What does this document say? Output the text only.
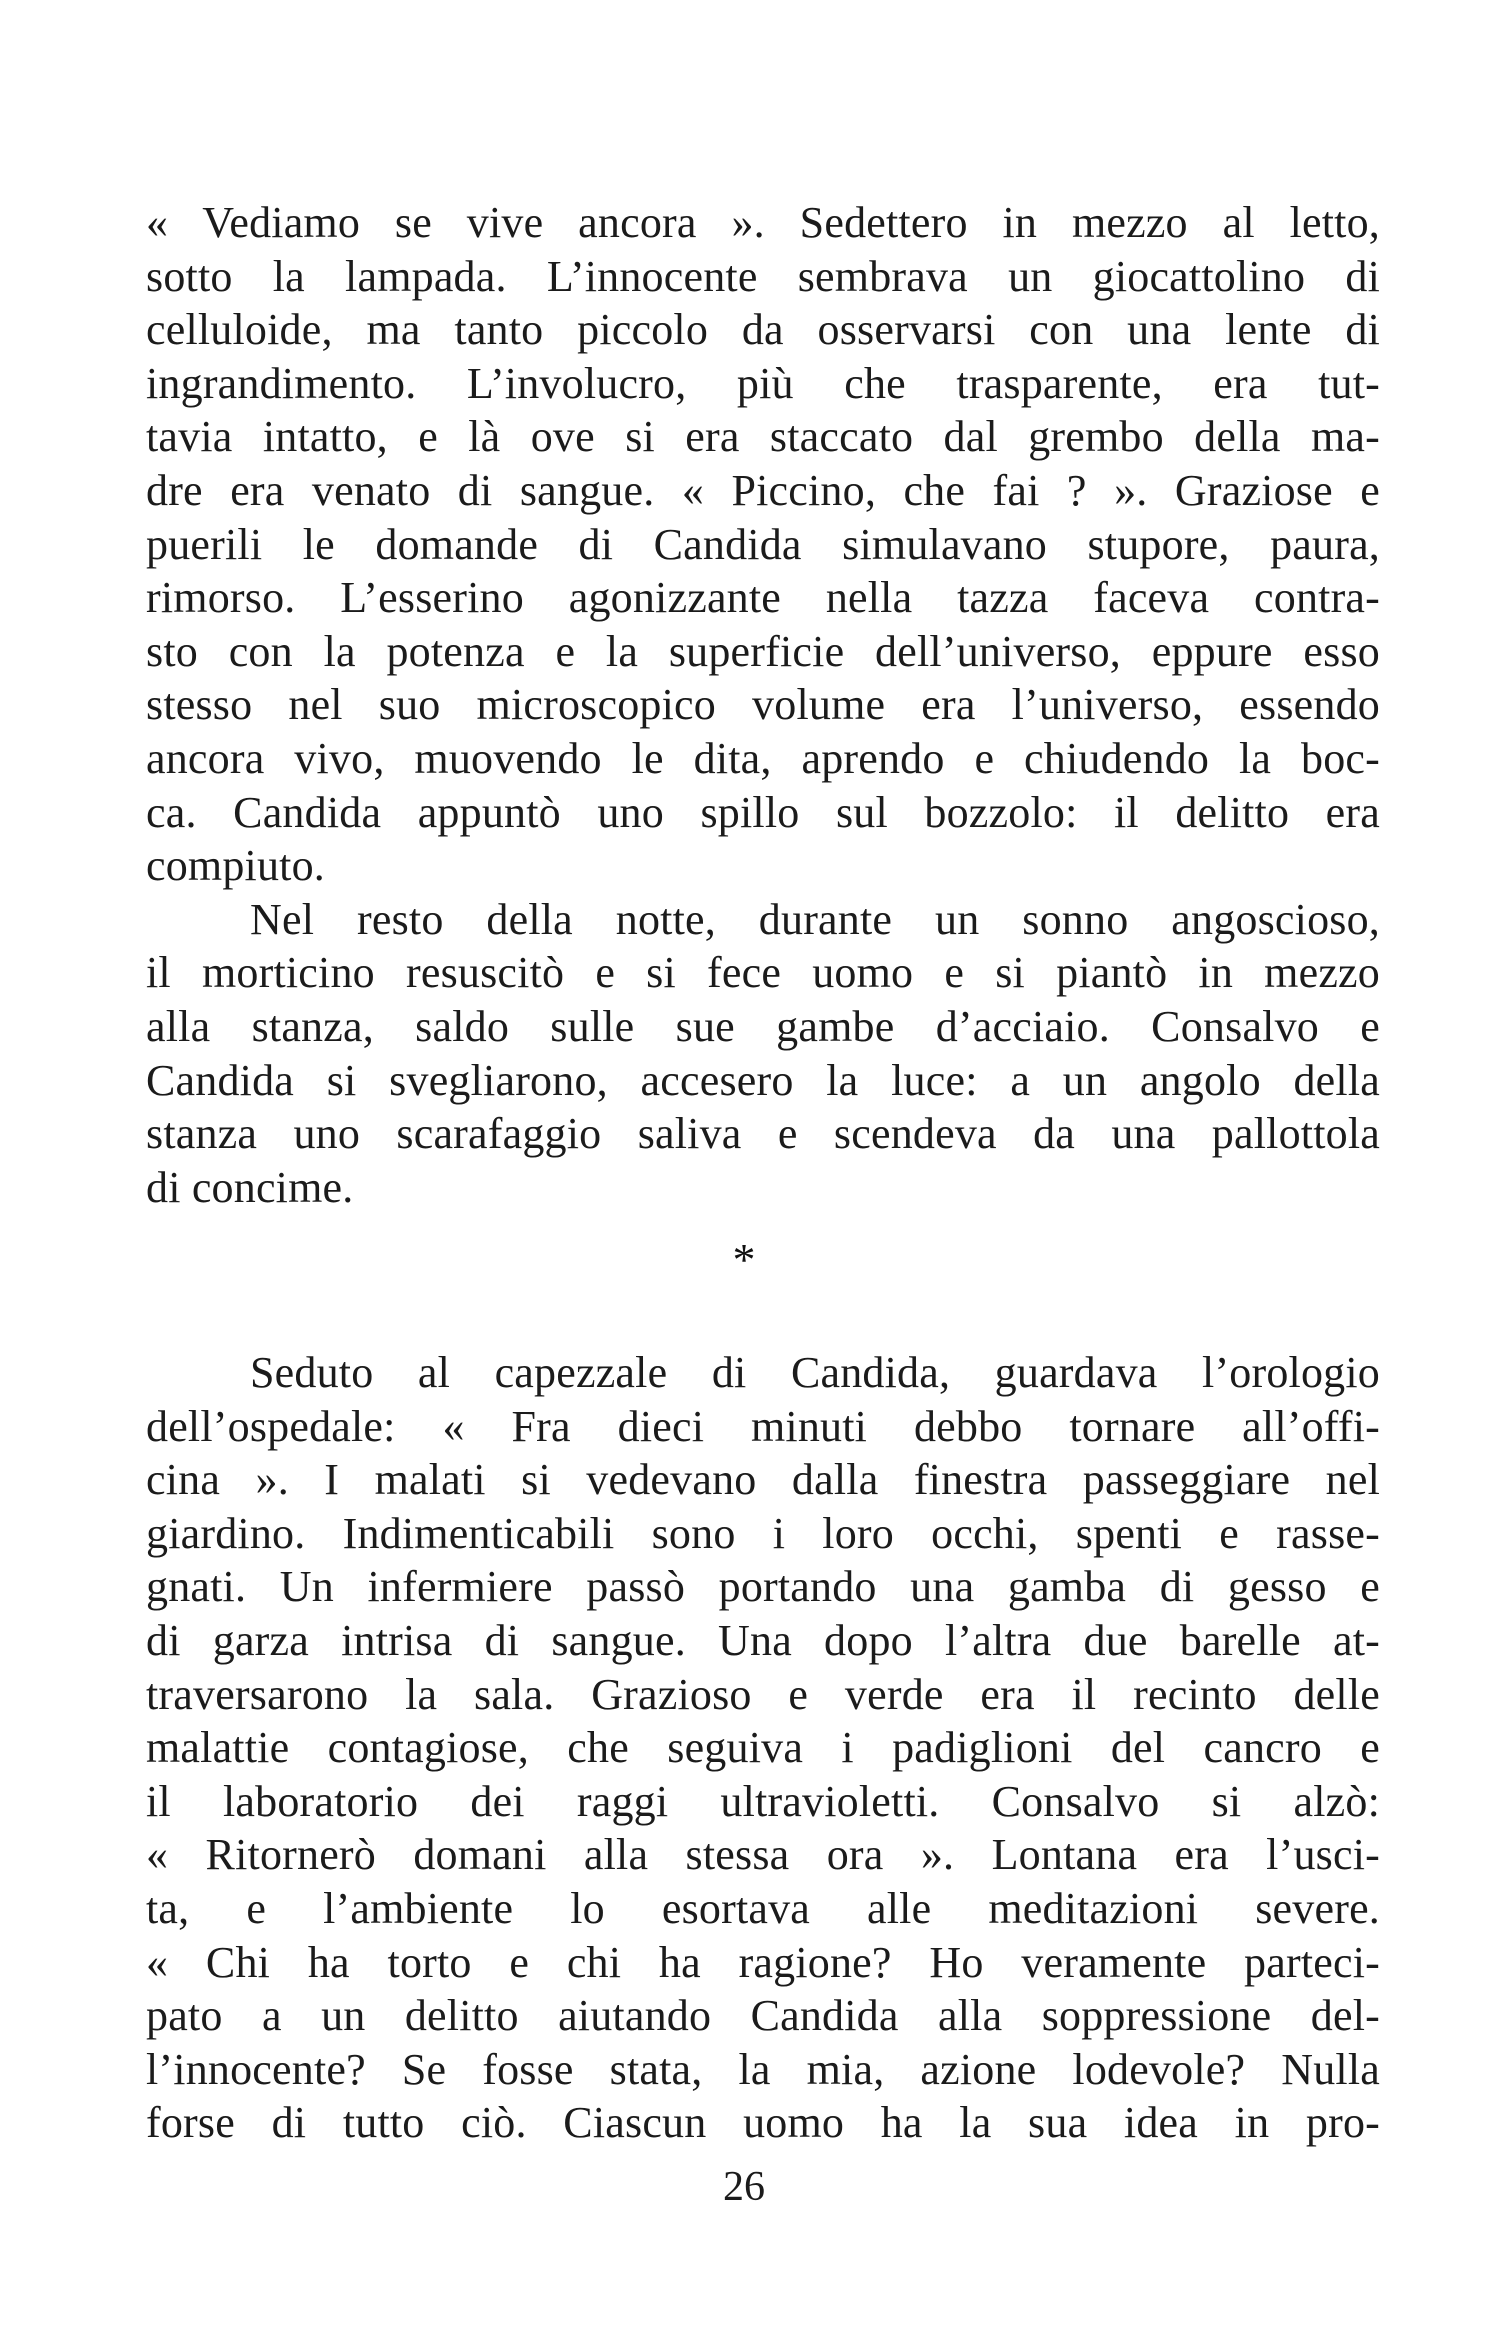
« Vediamo se vive ancora ». Sedettero in mezzo al letto,
sotto la lampada. L’innocente sembrava un giocattolino di
celluloide, ma tanto piccolo da osservarsi con una lente di
ingrandimento. L’involucro, più che trasparente, era tut-
tavia intatto, e là ove si era staccato dal grembo della ma-
dre era venato di sangue. « Piccino, che fai ? ». Graziose e
puerili le domande di Candida simulavano stupore, paura,
rimorso. L’esserino agonizzante nella tazza faceva contra-
sto con la potenza e la superficie dell’universo, eppure esso
stesso nel suo microscopico volume era l’universo, essendo
ancora vivo, muovendo le dita, aprendo e chiudendo la boc-
ca. Candida appuntò uno spillo sul bozzolo: il delitto era
compiuto.
Nel resto della notte, durante un sonno angoscioso,
il morticino resuscitò e si fece uomo e si piantò in mezzo
alla stanza, saldo sulle sue gambe d’acciaio. Consalvo e
Candida si svegliarono, accesero la luce: a un angolo della
stanza uno scarafaggio saliva e scendeva da una pallottola
di concime.
*
Seduto al capezzale di Candida, guardava l’orologio
dell’ospedale: « Fra dieci minuti debbo tornare all’offi-
cina ». I malati si vedevano dalla finestra passeggiare nel
giardino. Indimenticabili sono i loro occhi, spenti e rasse-
gnati. Un infermiere passò portando una gamba di gesso e
di garza intrisa di sangue. Una dopo l’altra due barelle at-
traversarono la sala. Grazioso e verde era il recinto delle
malattie contagiose, che seguiva i padiglioni del cancro e
il laboratorio dei raggi ultravioletti. Consalvo si alzò:
« Ritornerò domani alla stessa ora ». Lontana era l’usci-
ta, e l’ambiente lo esortava alle meditazioni severe.
« Chi ha torto e chi ha ragione? Ho veramente parteci-
pato a un delitto aiutando Candida alla soppressione del-
l’innocente? Se fosse stata, la mia, azione lodevole? Nulla
forse di tutto ciò. Ciascun uomo ha la sua idea in pro-
26
